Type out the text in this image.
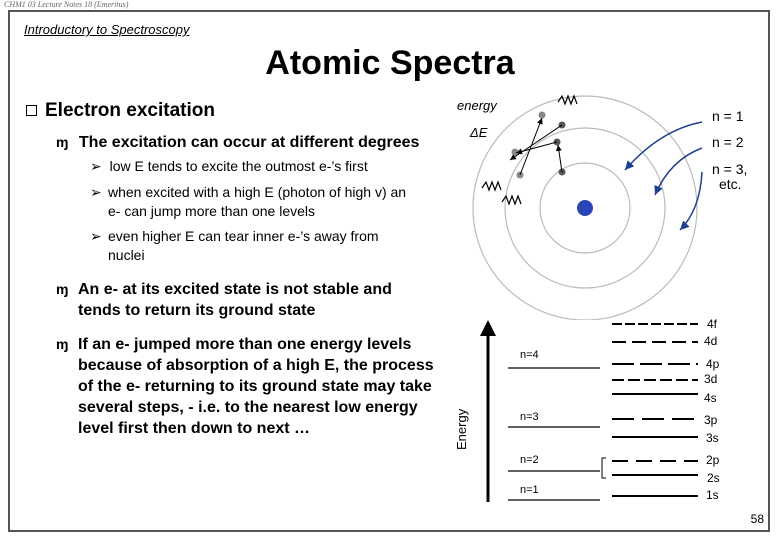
CHM1 03 Lecture Notes 18 (Emeritus)
Introductory to Spectroscopy
Atomic Spectra
Electron excitation
ɱ The excitation can occur at different degrees
➢ low E tends to excite the outmost e-’s first
➢ when excited with a high E (photon of high v) an e- can jump more than one levels
➢ even higher E can tear inner e-’s away from nuclei
ɱ An e- at its excited state is not stable and tends to return its ground state
ɱ If an e- jumped more than one energy levels because of absorption of a high E, the process of the e- returning to its ground state may take several steps, - i.e. to the nearest low energy level first then down to next …
energy
ΔE
n = 1
n = 2
n = 3,
etc.
Energy
n=4
n=3
n=2
n=1
4f
4d
4p
3d
4s
3p
3s
2p
2s
1s
58
